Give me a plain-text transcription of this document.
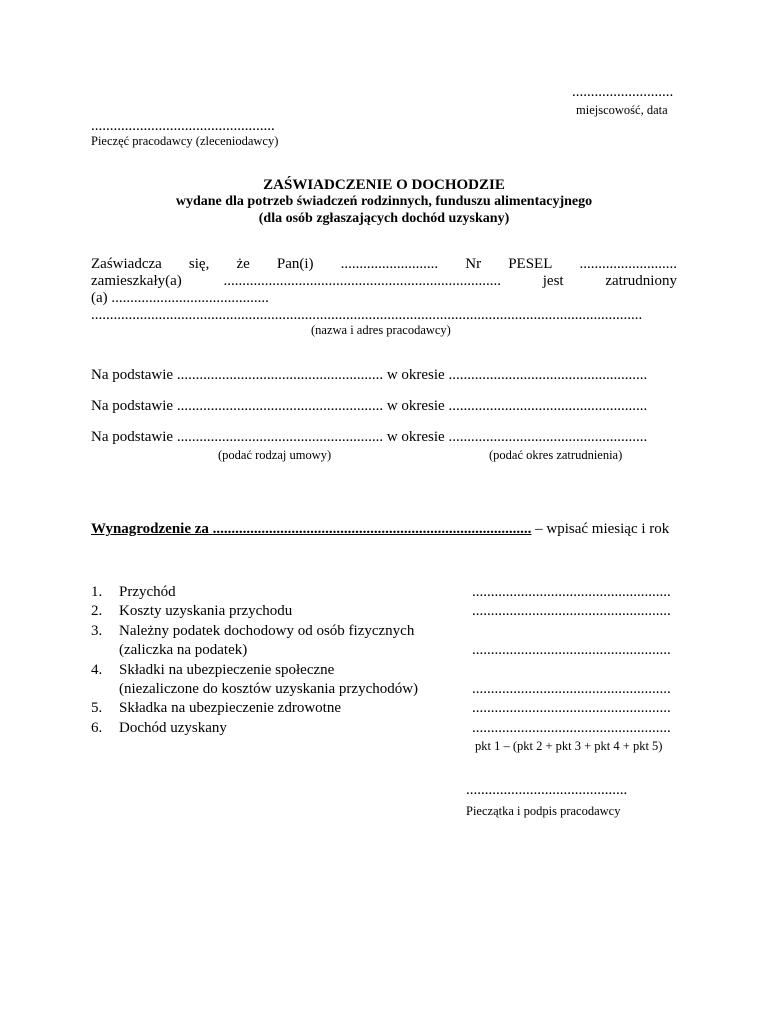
...........................
miejscowość, data
.................................................
Pieczęć pracodawcy (zleceniodawcy)
ZAŚWIADCZENIE O DOCHODZIE
wydane dla potrzeb świadczeń rodzinnych, funduszu alimentacyjnego
(dla osób zgłaszających dochód uzyskany)
Zaświadcza się, że Pan(i) .......................... Nr PESEL ..........................
zamieszkały(a)	..........................................................................	jest	zatrudniony
(a) ..........................................
...................................................................................................................................................
(nazwa i adres pracodawcy)
Na podstawie ....................................................... w okresie .....................................................
Na podstawie ....................................................... w okresie .....................................................
Na podstawie ....................................................... w okresie .....................................................
(podać rodzaj umowy)	(podać okres zatrudnienia)
Wynagrodzenie za ..................................................................................... – wpisać miesiąc i rok
1. Przychód	.....................................................
2. Koszty uzyskania przychodu	.....................................................
3. Należny podatek dochodowy od osób fizycznych
(zaliczka na podatek)	.....................................................
4. Składki na ubezpieczenie społeczne
(niezaliczone do kosztów uzyskania przychodów)	.....................................................
5. Składka na ubezpieczenie zdrowotne	.....................................................
6. Dochód uzyskany	.....................................................
pkt 1 – (pkt 2 + pkt 3 + pkt 4 + pkt 5)
...........................................
Pieczątka i podpis pracodawcy
